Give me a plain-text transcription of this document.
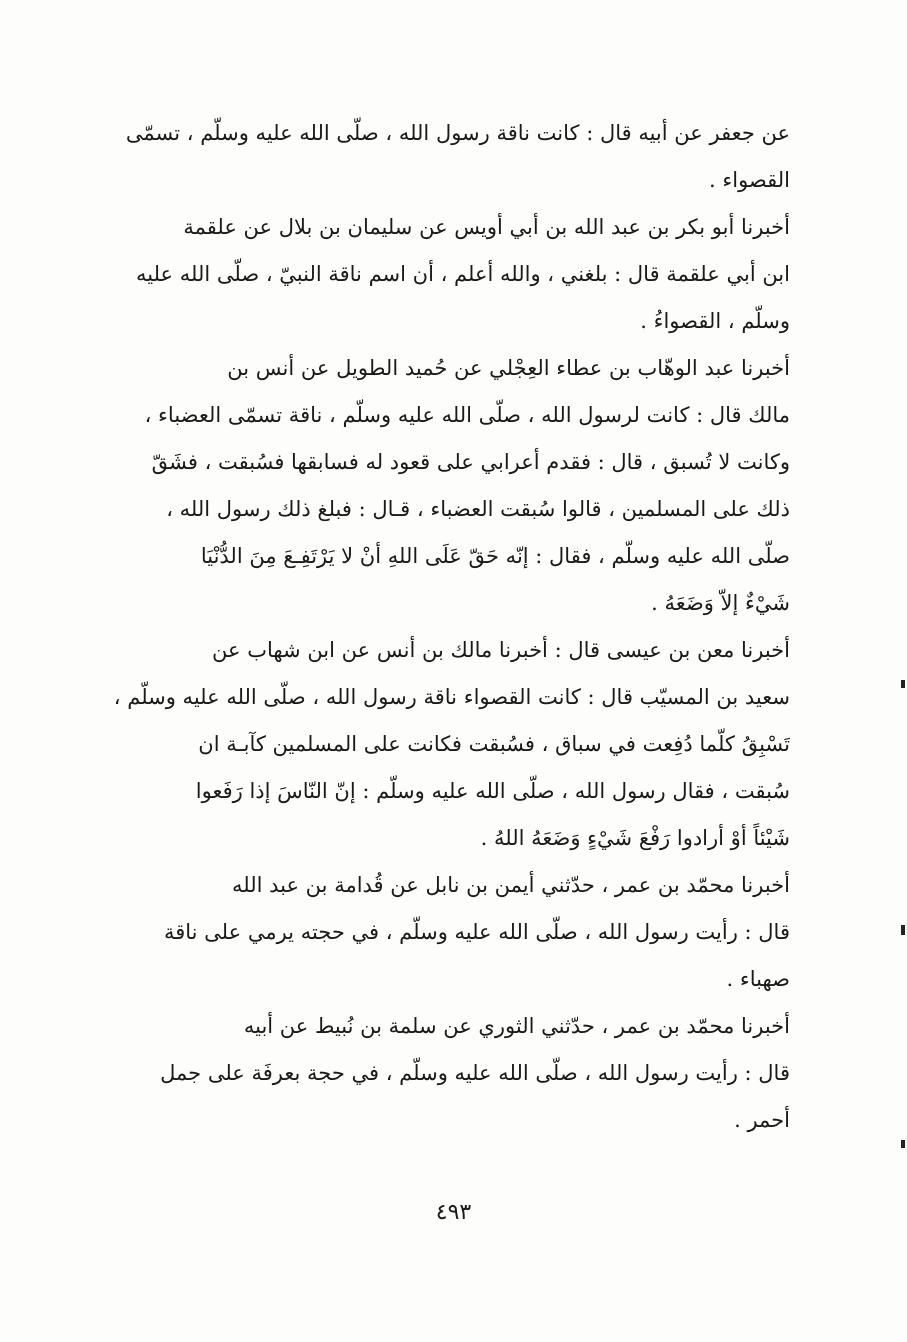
عن جعفر عن أبيه قال : كانت ناقة رسول الله ، صلّى الله عليه وسلّم ، تسمّى
القصواء .

أخبرنا أبو بكر بن عبد الله بن أبي أويس عن سليمان بن بلال عن علقمة
ابن أبي علقمة قال : بلغني ، والله أعلم ، أن اسم ناقة النبيّ ، صلّى الله عليه
وسلّم ، القصواءُ .

أخبرنا عبد الوهّاب بن عطاء العِجْلي عن حُميد الطويل عن أنس بن
مالك قال : كانت لرسول الله ، صلّى الله عليه وسلّم ، ناقة تسمّى العضباء ،
وكانت لا تُسبق ، قال : فقدم أعرابي على قعود له فسابقها فسُبقت ، فشَقّ
ذلك على المسلمين ، قالوا سُبقت العضباء ، قـال : فبلغ ذلك رسول الله ،
صلّى الله عليه وسلّم ، فقال : إنّه حَقّ عَلَى اللهِ أنْ لا يَرْتَفِـعَ مِنَ الدُّنْيَا
شَيْءٌ إلاّ وَضَعَهُ .

أخبرنا معن بن عيسى قال : أخبرنا مالك بن أنس عن ابن شهاب عن
سعيد بن المسيّب قال : كانت القصواء ناقة رسول الله ، صلّى الله عليه وسلّم ،
تَسْبِقُ كلّما دُفِعت في سباق ، فسُبقت فكانت على المسلمين كآبـة ان
سُبقت ، فقال رسول الله ، صلّى الله عليه وسلّم : إنّ النّاسَ إذا رَفَعوا
شَيْئاً أوْ أرادوا رَفْعَ شَيْءٍ وَضَعَهُ اللهُ .

أخبرنا محمّد بن عمر ، حدّثني أيمن بن نابل عن قُدامة بن عبد الله
قال : رأيت رسول الله ، صلّى الله عليه وسلّم ، في حجته يرمي على ناقة
صهباء .

أخبرنا محمّد بن عمر ، حدّثني الثوري عن سلمة بن نُبيط عن أبيه
قال : رأيت رسول الله ، صلّى الله عليه وسلّم ، في حجة بعرفَة على جمل
أحمر .

٤٩٣
